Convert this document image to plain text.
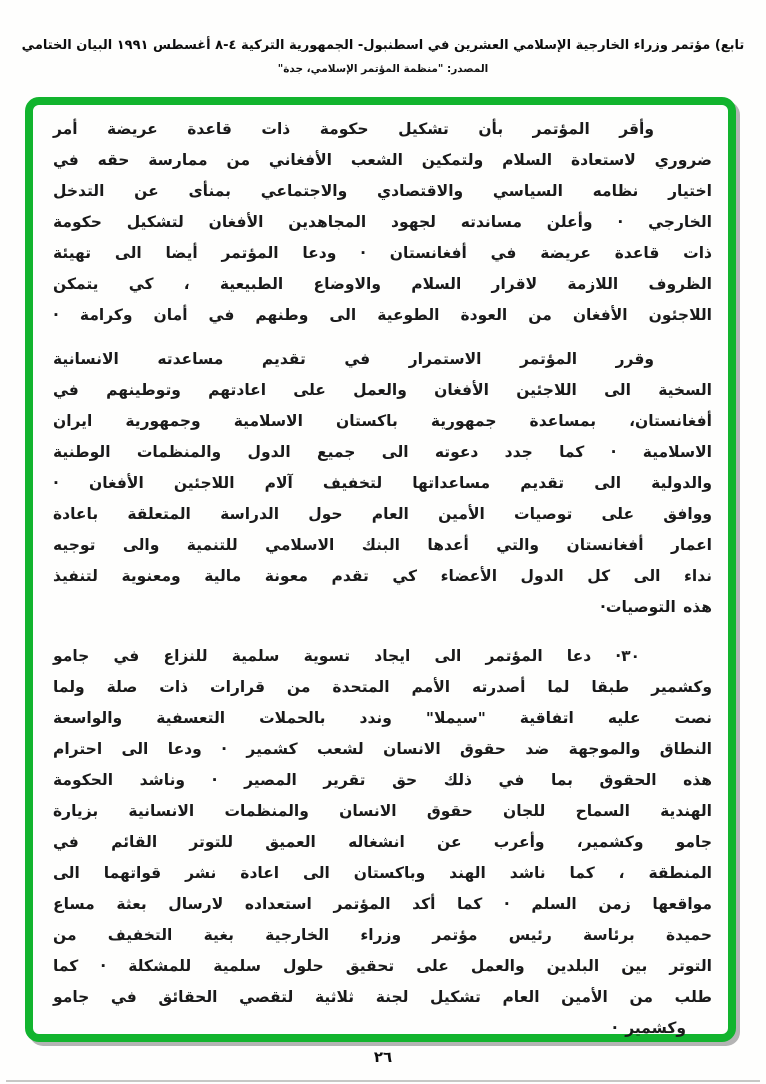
تابع) مؤتمر وزراء الخارجية الإسلامي العشرين في اسطنبول- الجمهورية التركية ٤-٨ أغسطس ١٩٩١ البيان الختامي
المصدر: "منظمة المؤتمر الإسلامي، جدة"
وأقر المؤتمر بأن تشكيل حكومة ذات قاعدة عريضة أمر
ضروري لاستعادة السلام ولتمكين الشعب الأفغاني من ممارسة حقه في
اختيار نظامه السياسي والاقتصادي والاجتماعي بمنأى عن التدخل
الخارجي · وأعلن مساندته لجهود المجاهدين الأفغان لتشكيل حكومة
ذات قاعدة عريضة في أفغانستان · ودعا المؤتمر أيضا الى تهيئة
الظروف اللازمة لاقرار السلام والاوضاع الطبيعية ، كي يتمكن
اللاجئون الأفغان من العودة الطوعية الى وطنهم في أمان وكرامة ·
وقرر المؤتمر الاستمرار في تقديم مساعدته الانسانية
السخية الى اللاجئين الأفغان والعمل على اعادتهم وتوطينهم في
أفغانستان، بمساعدة جمهورية باكستان الاسلامية وجمهورية ايران
الاسلامية · كما جدد دعوته الى جميع الدول والمنظمات الوطنية
والدولية الى تقديم مساعداتها لتخفيف آلام اللاجئين الأفغان ·
ووافق على توصيات الأمين العام حول الدراسة المتعلقة باعادة
اعمار أفغانستان والتي أعدها البنك الاسلامي للتنمية والى توجيه
نداء الى كل الدول الأعضاء كي تقدم معونة مالية ومعنوية لتنفيذ
هذه التوصيات·
٣٠·
دعا المؤتمر الى ايجاد تسوية سلمية للنزاع في جامو
وكشمير طبقا لما أصدرته الأمم المتحدة من قرارات ذات صلة ولما
نصت عليه اتفاقية "سيملا" وندد بالحملات التعسفية والواسعة
النطاق والموجهة ضد حقوق الانسان لشعب كشمير · ودعا الى احترام
هذه الحقوق بما في ذلك حق تقرير المصير · وناشد الحكومة
الهندية السماح للجان حقوق الانسان والمنظمات الانسانية بزيارة
جامو وكشمير، وأعرب عن انشغاله العميق للتوتر القائم في
المنطقة ، كما ناشد الهند وباكستان الى اعادة نشر قواتهما الى
مواقعها زمن السلم · كما أكد المؤتمر استعداده لارسال بعثة مساع
حميدة برئاسة رئيس مؤتمر وزراء الخارجية بغية التخفيف من
التوتر بين البلدين والعمل على تحقيق حلول سلمية للمشكلة · كما
طلب من الأمين العام تشكيل لجنة ثلاثية لتقصي الحقائق في جامو
وكشمير ·
٢٦
